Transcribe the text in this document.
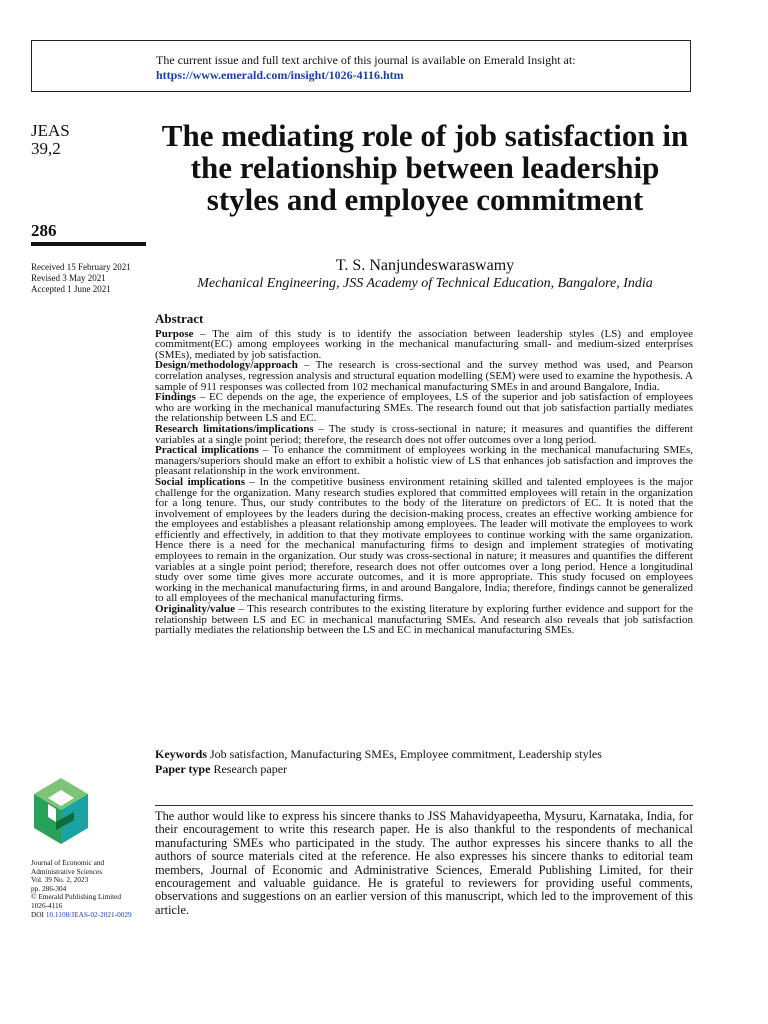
The current issue and full text archive of this journal is available on Emerald Insight at:
https://www.emerald.com/insight/1026-4116.htm
JEAS
39,2
286
Received 15 February 2021
Revised 3 May 2021
Accepted 1 June 2021
The mediating role of job satisfaction in the relationship between leadership styles and employee commitment
T. S. Nanjundeswaraswamy
Mechanical Engineering, JSS Academy of Technical Education, Bangalore, India
Abstract

Purpose – The aim of this study is to identify the association between leadership styles (LS) and employee commitment(EC) among employees working in the mechanical manufacturing small- and medium-sized enterprises (SMEs), mediated by job satisfaction.

Design/methodology/approach – The research is cross-sectional and the survey method was used, and Pearson correlation analyses, regression analysis and structural equation modelling (SEM) were used to examine the hypothesis. A sample of 911 responses was collected from 102 mechanical manufacturing SMEs in and around Bangalore, India.

Findings – EC depends on the age, the experience of employees, LS of the superior and job satisfaction of employees who are working in the mechanical manufacturing SMEs. The research found out that job satisfaction partially mediates the relationship between LS and EC.

Research limitations/implications – The study is cross-sectional in nature; it measures and quantifies the different variables at a single point period; therefore, the research does not offer outcomes over a long period.

Practical implications – To enhance the commitment of employees working in the mechanical manufacturing SMEs, managers/superiors should make an effort to exhibit a holistic view of LS that enhances job satisfaction and improves the pleasant relationship in the work environment.

Social implications – In the competitive business environment retaining skilled and talented employees is the major challenge for the organization. Many research studies explored that committed employees will retain in the organization for a long tenure. Thus, our study contributes to the body of the literature on predictors of EC. It is noted that the involvement of employees by the leaders during the decision-making process, creates an effective working ambience for the employees and establishes a pleasant relationship among employees. The leader will motivate the employees to work efficiently and effectively, in addition to that they motivate employees to continue working with the same organization. Hence there is a need for the mechanical manufacturing firms to design and implement strategies of motivating employees to remain in the organization. Our study was cross-sectional in nature; it measures and quantifies the different variables at a single point period; therefore, research does not offer outcomes over a long period. Hence a longitudinal study over some time gives more accurate outcomes, and it is more appropriate. This study focused on employees working in the mechanical manufacturing firms, in and around Bangalore, India; therefore, findings cannot be generalized to all employees of the mechanical manufacturing firms.

Originality/value – This research contributes to the existing literature by exploring further evidence and support for the relationship between LS and EC in mechanical manufacturing SMEs. And research also reveals that job satisfaction partially mediates the relationship between the LS and EC in mechanical manufacturing SMEs.

Keywords Job satisfaction, Manufacturing SMEs, Employee commitment, Leadership styles
Paper type Research paper
The author would like to express his sincere thanks to JSS Mahavidyapeetha, Mysuru, Karnataka, India, for their encouragement to write this research paper. He is also thankful to the respondents of mechanical manufacturing SMEs who participated in the study. The author expresses his sincere thanks to all the authors of source materials cited at the reference. He also expresses his sincere thanks to editorial team members, Journal of Economic and Administrative Sciences, Emerald Publishing Limited, for their encouragement and valuable guidance. He is grateful to reviewers for providing useful comments, observations and suggestions on an earlier version of this manuscript, which led to the improvement of this article.
Journal of Economic and
Administrative Sciences
Vol. 39 No. 2, 2023
pp. 286-304
© Emerald Publishing Limited
1026-4116
DOI 10.1108/JEAS-02-2021-0029
